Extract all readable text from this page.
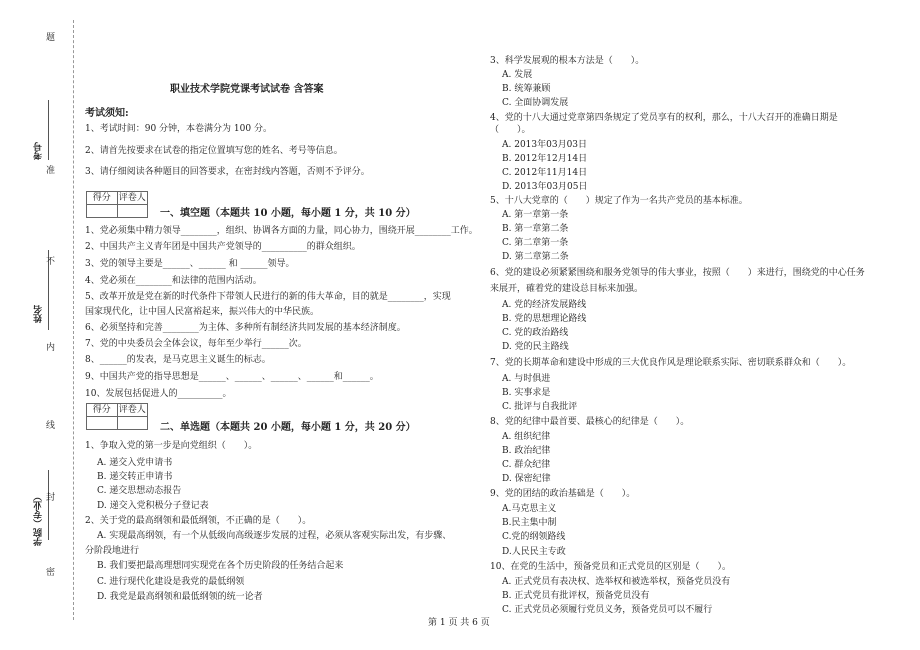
题
准
不
内
线
封
密
考号
姓名
学院（专业）
职业技术学院党课考试试卷 含答案
考试须知:
1、考试时间：90 分钟，本卷满分为 100 分。
2、请首先按要求在试卷的指定位置填写您的姓名、考号等信息。
3、请仔细阅读各种题目的回答要求，在密封线内答题，否则不予评分。
得分 评卷人
一、填空题（本题共 10 小题，每小题 1 分，共 10 分）
1、党必须集中精力领导________，组织、协调各方面的力量，同心协力，围绕开展________工作。
2、中国共产主义青年团是中国共产党领导的__________的群众组织。
3、党的领导主要是______、______ 和 ______领导。
4、党必须在________和法律的范围内活动。
5、改革开放是党在新的时代条件下带领人民进行的新的伟大革命，目的就是________，实现
国家现代化，让中国人民富裕起来，振兴伟大的中华民族。
6、必须坚持和完善________为主体、多种所有制经济共同发展的基本经济制度。
7、党的中央委员会全体会议，每年至少举行______次。
8、______的发表，是马克思主义诞生的标志。
9、中国共产党的指导思想是______、______、______、______和______。
10、发展包括促进人的__________。
得分 评卷人
二、单选题（本题共 20 小题，每小题 1 分，共 20 分）
1、争取入党的第一步是向党组织（　　）。
A. 递交入党申请书
B. 递交转正申请书
C. 递交思想动态报告
D. 递交入党积极分子登记表
2、关于党的最高纲领和最低纲领，不正确的是（　　）。
A. 实现最高纲领，有一个从低级向高级逐步发展的过程，必须从客观实际出发，有步骤、
分阶段地进行
B. 我们要把最高理想同实现党在各个历史阶段的任务结合起来
C. 进行现代化建设是我党的最低纲领
D. 我党是最高纲领和最低纲领的统一论者
3、科学发展观的根本方法是（　　）。
A. 发展
B. 统筹兼顾
C. 全面协调发展
4、党的十八大通过党章第四条规定了党员享有的权利，那么，十八大召开的准确日期是
（　　）。
A. 2013年03月03日
B. 2012年12月14日
C. 2012年11月14日
D. 2013年03月05日
5、十八大党章的（　　）规定了作为一名共产党员的基本标准。
A. 第一章第一条
B. 第一章第二条
C. 第二章第一条
D. 第二章第二条
6、党的建设必须紧紧围绕和服务党领导的伟大事业，按照（　　）来进行，围绕党的中心任务
来展开，確着党的建设总目标来加强。
A. 党的经济发展路线
B. 党的思想理论路线
C. 党的政治路线
D. 党的民主路线
7、党的长期革命和建设中形成的三大优良作风是理论联系实际、密切联系群众和（　　）。
A. 与时俱进
B. 实事求是
C. 批评与自我批评
8、党的纪律中最首要、最核心的纪律是（　　）。
A. 组织纪律
B. 政治纪律
C. 群众纪律
D. 保密纪律
9、党的团结的政治基础是（　　）。
A.马克思主义
B.民主集中制
C.党的纲领路线
D.人民民主专政
10、在党的生活中，预备党员和正式党员的区别是（　　）。
A. 正式党员有表决权、选举权和被选举权，预备党员没有
B. 正式党员有批评权，预备党员没有
C. 正式党员必须履行党员义务，预备党员可以不履行
第 1 页 共 6 页
